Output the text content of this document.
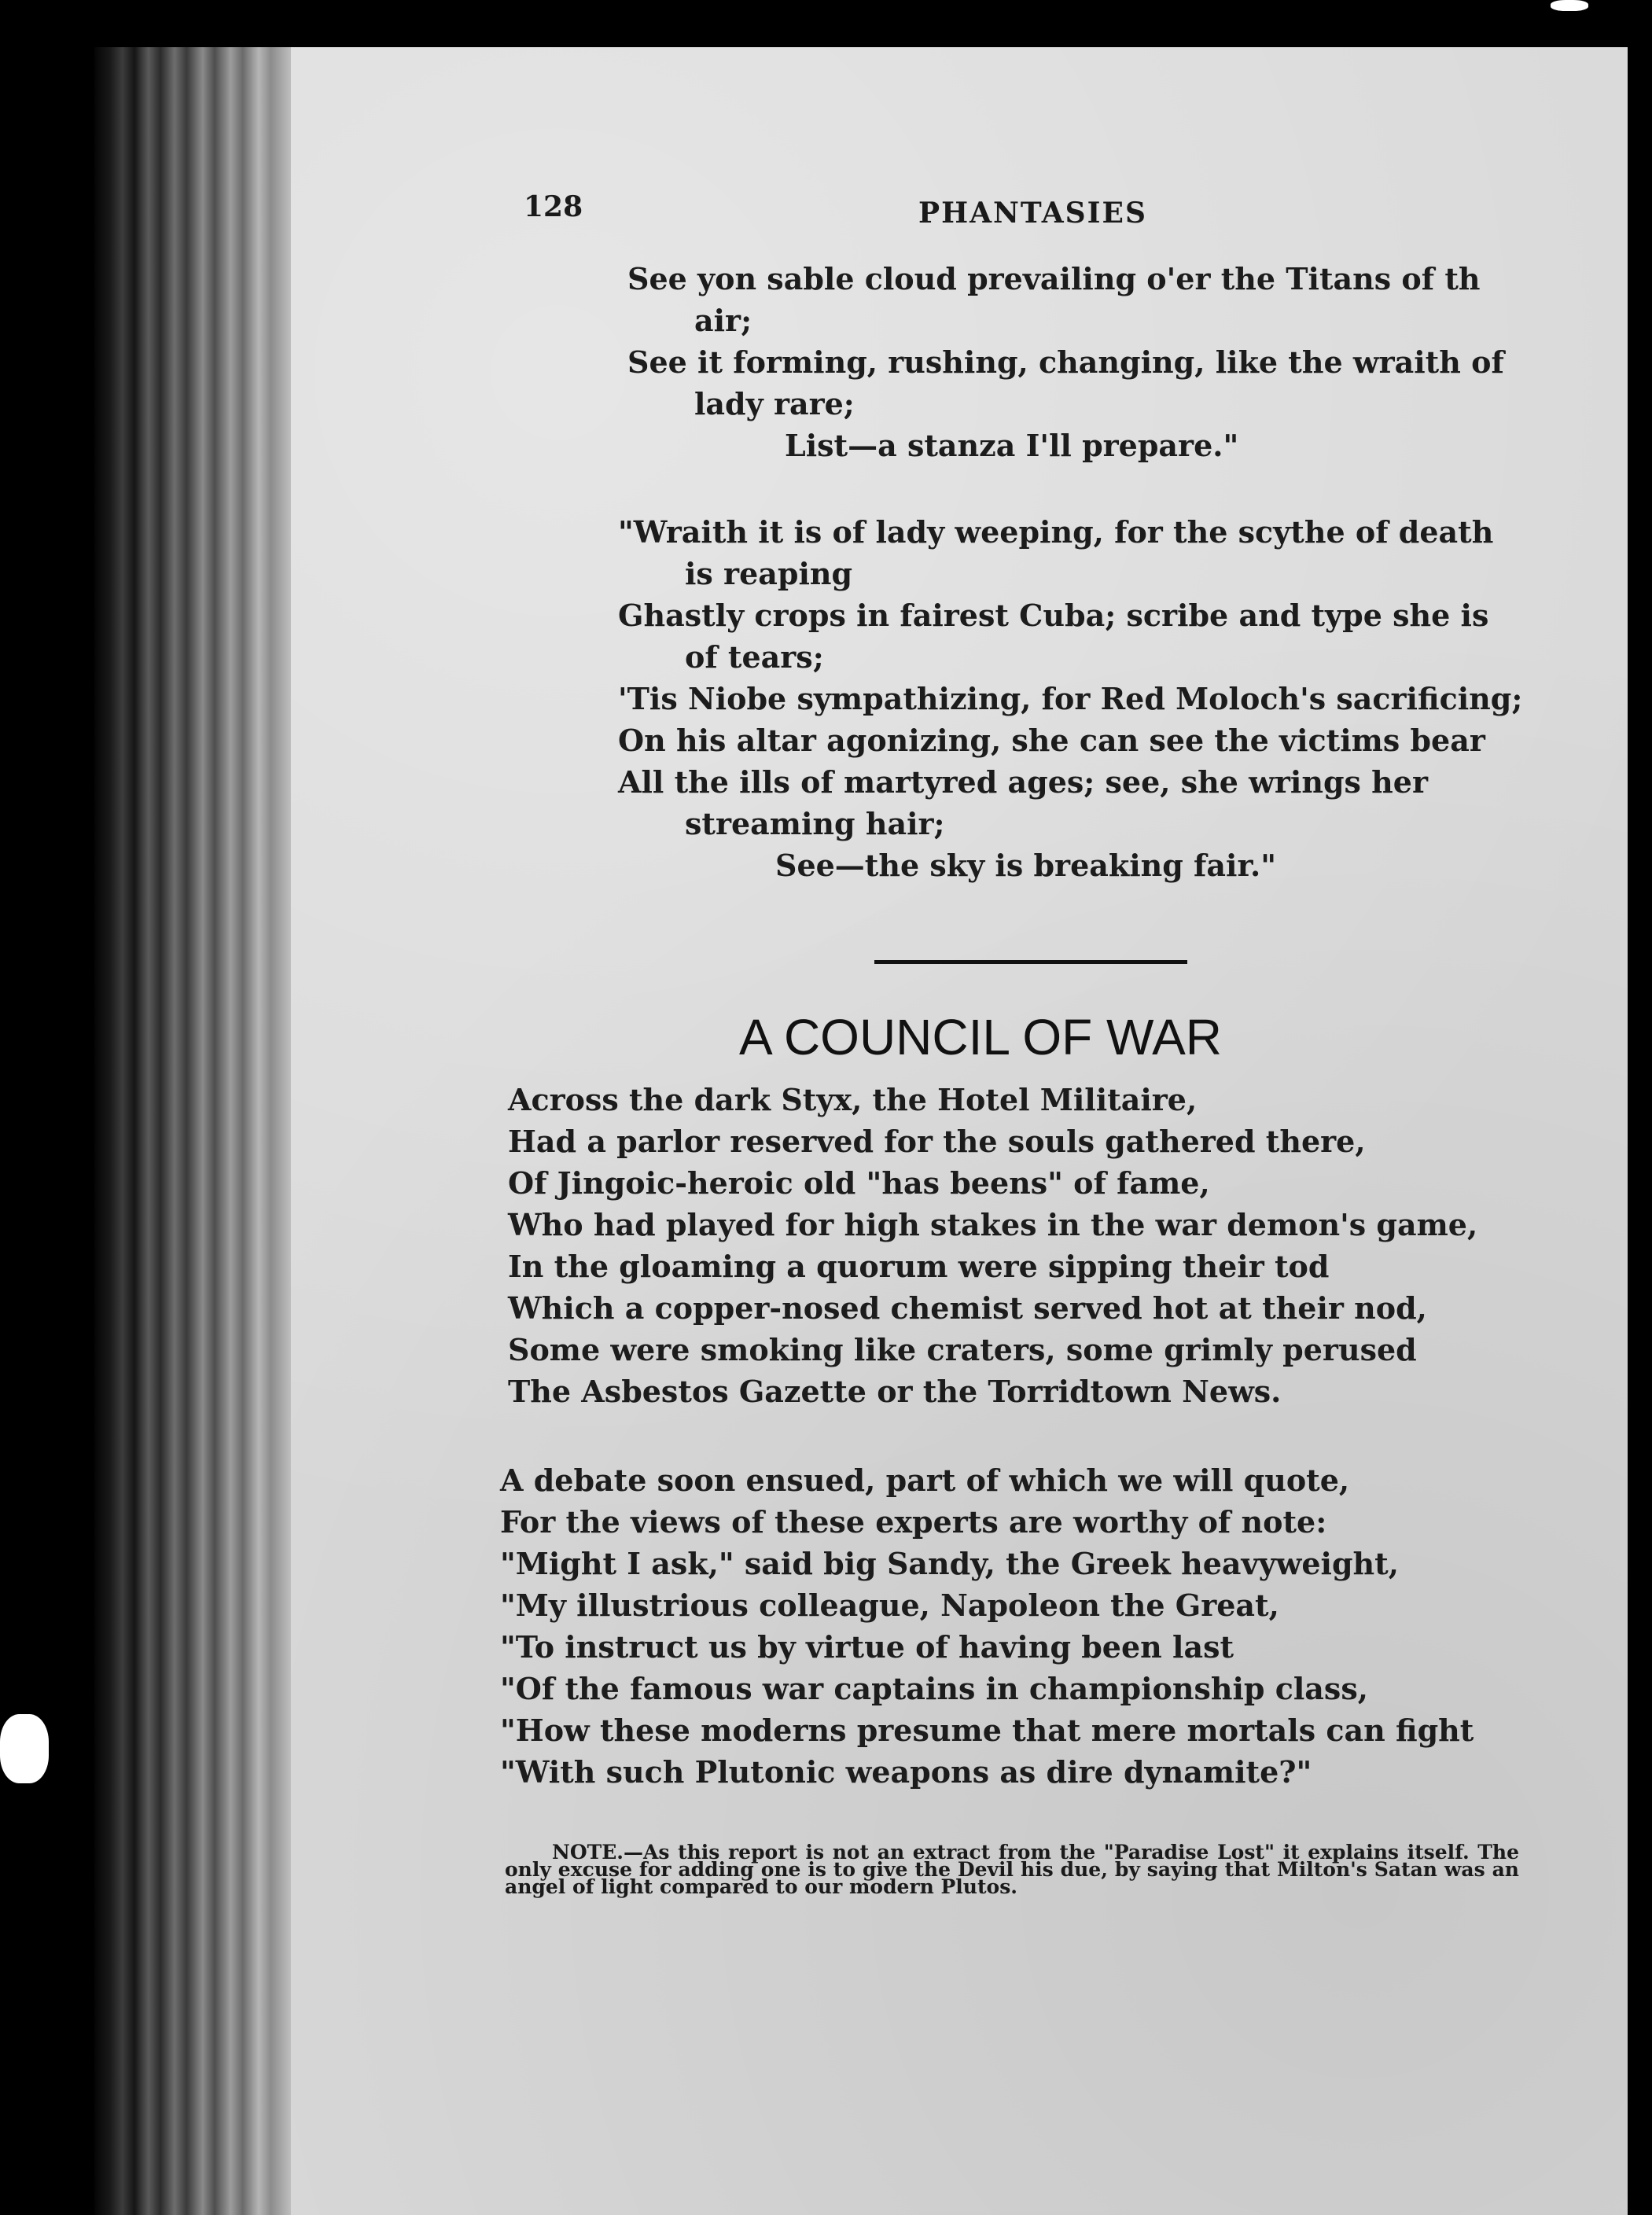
128	PHANTASIES

See yon sable cloud prevailing o'er the Titans of th
air;
See it forming, rushing, changing, like the wraith of
lady rare;
List—a stanza I'll prepare."
"Wraith it is of lady weeping, for the scythe of death
is reaping
Ghastly crops in fairest Cuba; scribe and type she is
of tears;
'Tis Niobe sympathizing, for Red Moloch's sacrificing;
On his altar agonizing, she can see the victims bear
All the ills of martyred ages; see, she wrings her
streaming hair;
See—the sky is breaking fair."
A COUNCIL OF WAR
Across the dark Styx, the Hotel Militaire,
Had a parlor reserved for the souls gathered there,
Of Jingoic-heroic old "has beens" of fame,
Who had played for high stakes in the war demon's game,
In the gloaming a quorum were sipping their tod
Which a copper-nosed chemist served hot at their nod,
Some were smoking like craters, some grimly perused
The Asbestos Gazette or the Torridtown News.
A debate soon ensued, part of which we will quote,
For the views of these experts are worthy of note:
"Might I ask," said big Sandy, the Greek heavyweight,
"My illustrious colleague, Napoleon the Great,
"To instruct us by virtue of having been last
"Of the famous war captains in championship class,
"How these moderns presume that mere mortals can fight
"With such Plutonic weapons as dire dynamite?"

NOTE.—As this report is not an extract from the "Paradise Lost" it explains itself. The only excuse for adding one is to give the Devil his due, by saying that Milton's Satan was an angel of light compared to our modern Plutos.
